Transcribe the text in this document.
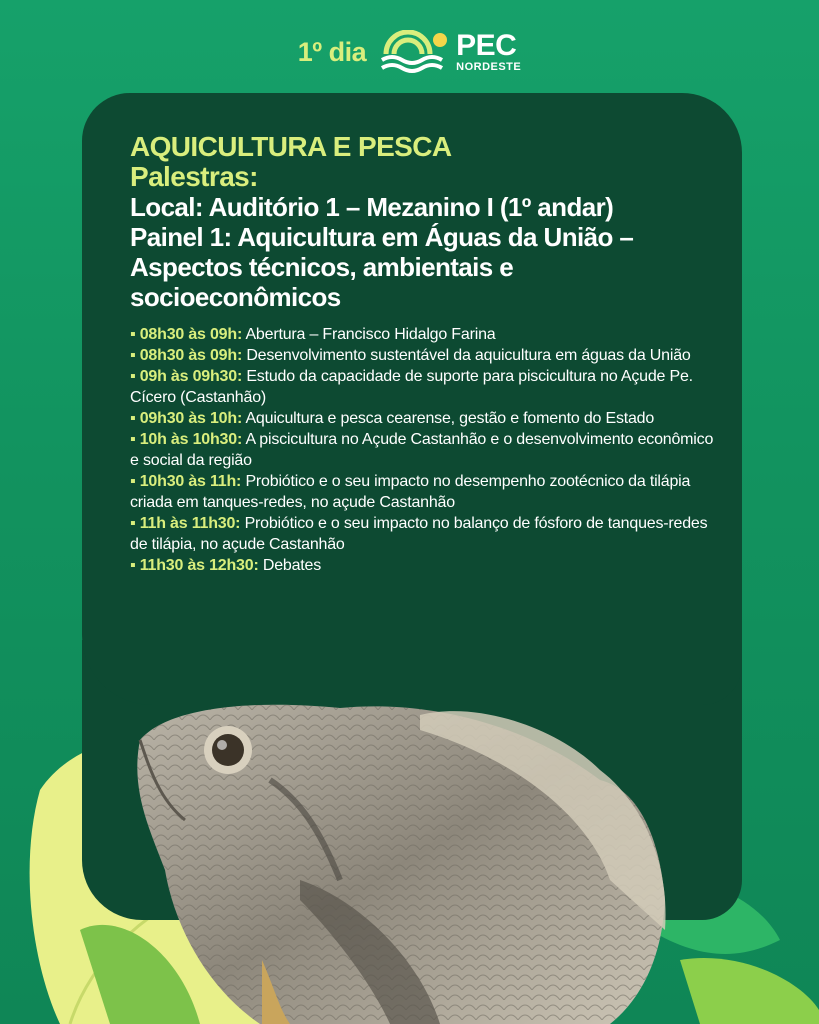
1º dia	PEC
NORDESTE
AQUICULTURA E PESCA
Palestras:
Local: Auditório 1 – Mezanino I (1º andar)
Painel 1: Aquicultura em Águas da União –
Aspectos técnicos, ambientais e
socioeconômicos
▪ 08h30 às 09h: Abertura – Francisco Hidalgo Farina
▪ 08h30 às 09h: Desenvolvimento sustentável da aquicultura em águas da União
▪ 09h às 09h30: Estudo da capacidade de suporte para piscicultura no Açude Pe. Cícero (Castanhão)
▪ 09h30 às 10h: Aquicultura e pesca cearense, gestão e fomento do Estado
▪ 10h às 10h30: A piscicultura no Açude Castanhão e o desenvolvimento econômico e social da região
▪ 10h30 às 11h: Probiótico e o seu impacto no desempenho zootécnico da tilápia criada em tanques-redes, no açude Castanhão
▪ 11h às 11h30: Probiótico e o seu impacto no balanço de fósforo de tanques-redes de tilápia, no açude Castanhão
▪ 11h30 às 12h30: Debates
